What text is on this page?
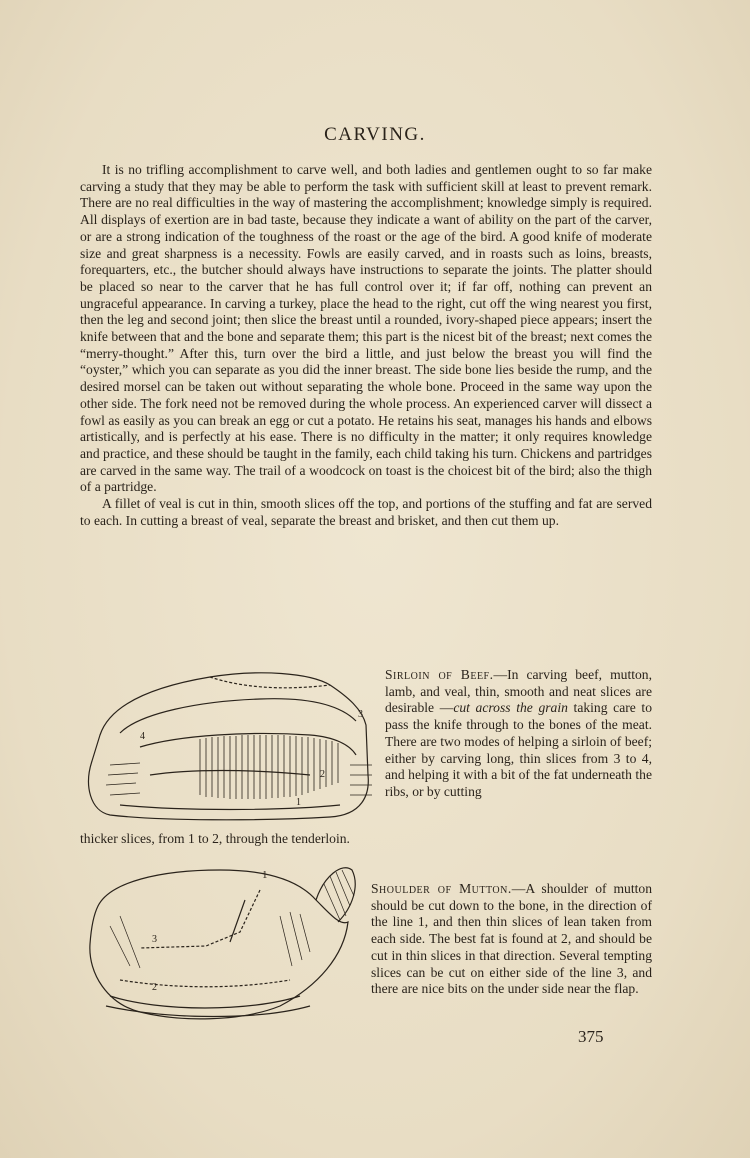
CARVING.

It is no trifling accomplishment to carve well, and both ladies and gentlemen ought to so far make carving a study that they may be able to perform the task with sufficient skill at least to prevent remark. There are no real difficulties in the way of mastering the accomplishment; knowledge simply is required. All displays of exertion are in bad taste, because they indicate a want of ability on the part of the carver, or are a strong indication of the toughness of the roast or the age of the bird. A good knife of moderate size and great sharpness is a necessity. Fowls are easily carved, and in roasts such as loins, breasts, forequarters, etc., the butcher should always have instructions to separate the joints. The platter should be placed so near to the carver that he has full control over it; if far off, nothing can prevent an ungraceful appearance. In carving a turkey, place the head to the right, cut off the wing nearest you first, then the leg and second joint; then slice the breast until a rounded, ivory-shaped piece appears; insert the knife between that and the bone and separate them; this part is the nicest bit of the breast; next comes the “merry-thought.” After this, turn over the bird a little, and just below the breast you will find the “oyster,” which you can separate as you did the inner breast. The side bone lies beside the rump, and the desired morsel can be taken out without separating the whole bone. Proceed in the same way upon the other side. The fork need not be removed during the whole process. An experienced carver will dissect a fowl as easily as you can break an egg or cut a potato. He retains his seat, manages his hands and elbows artistically, and is perfectly at his ease. There is no difficulty in the matter; it only requires knowledge and practice, and these should be taught in the family, each child taking his turn. Chickens and partridges are carved in the same way. The trail of a woodcock on toast is the choicest bit of the bird; also the thigh of a partridge.

A fillet of veal is cut in thin, smooth slices off the top, and portions of the stuffing and fat are served to each. In cutting a breast of veal, separate the breast and brisket, and then cut them up.

4
2
3
1
Sirloin of Beef.—In carving beef, mutton, lamb, and veal, thin, smooth and neat slices are desirable —cut across the grain taking care to pass the knife through to the bones of the meat. There are two modes of helping a sirloin of beef; either by carving long, thin slices from 3 to 4, and helping it with a bit of the fat underneath the ribs, or by cutting
thicker slices, from 1 to 2, through the tenderloin.
1
2
3
Shoulder of Mutton.—A shoulder of mutton should be cut down to the bone, in the direction of the line 1, and then thin slices of lean taken from each side. The best fat is found at 2, and should be cut in thin slices in that direction. Several tempting slices can be cut on either side of the line 3, and there are nice bits on the under side near the flap.
375
